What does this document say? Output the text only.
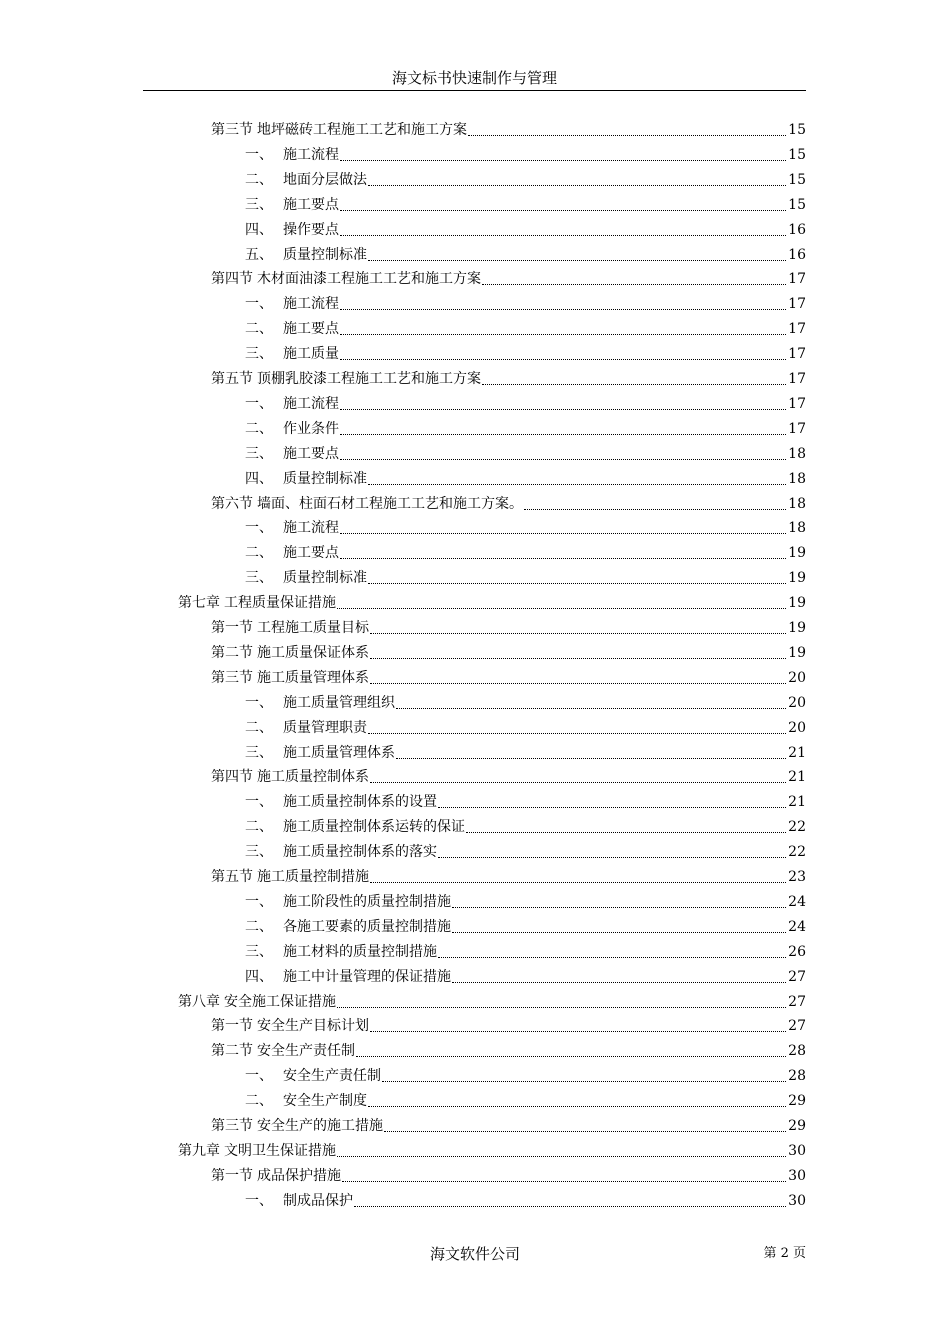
海文标书快速制作与管理
第三节 地坪磁砖工程施工工艺和施工方案	15
一、 施工流程	15
二、 地面分层做法	15
三、 施工要点	15
四、 操作要点	16
五、 质量控制标准	16
第四节 木材面油漆工程施工工艺和施工方案	17
一、 施工流程	17
二、 施工要点	17
三、 施工质量	17
第五节 顶棚乳胶漆工程施工工艺和施工方案	17
一、 施工流程	17
二、 作业条件	17
三、 施工要点	18
四、 质量控制标准	18
第六节 墙面、柱面石材工程施工工艺和施工方案。	18
一、 施工流程	18
二、 施工要点	19
三、 质量控制标准	19
第七章 工程质量保证措施	19
第一节 工程施工质量目标	19
第二节 施工质量保证体系	19
第三节 施工质量管理体系	20
一、 施工质量管理组织	20
二、 质量管理职责	20
三、 施工质量管理体系	21
第四节 施工质量控制体系	21
一、 施工质量控制体系的设置	21
二、 施工质量控制体系运转的保证	22
三、 施工质量控制体系的落实	22
第五节 施工质量控制措施	23
一、 施工阶段性的质量控制措施	24
二、 各施工要素的质量控制措施	24
三、 施工材料的质量控制措施	26
四、 施工中计量管理的保证措施	27
第八章 安全施工保证措施	27
第一节 安全生产目标计划	27
第二节 安全生产责任制	28
一、 安全生产责任制	28
二、 安全生产制度	29
第三节 安全生产的施工措施	29
第九章 文明卫生保证措施	30
第一节 成品保护措施	30
一、 制成品保护	30
海文软件公司	第 2 页
